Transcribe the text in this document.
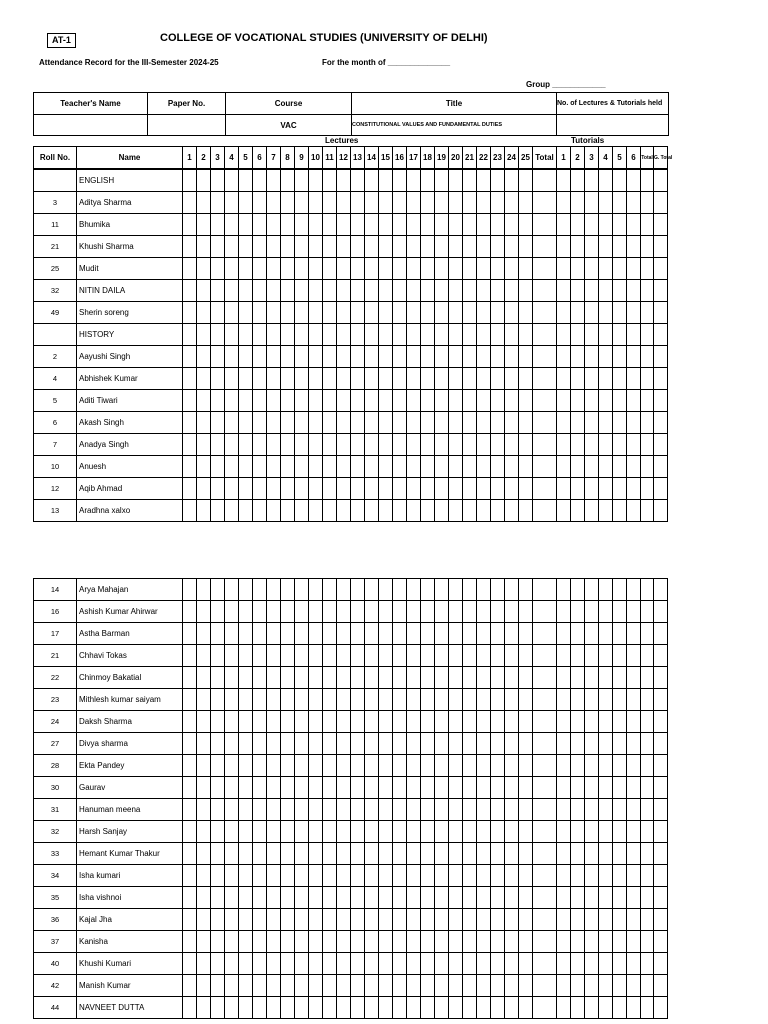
AT-1	COLLEGE OF VOCATIONAL STUDIES (UNIVERSITY OF DELHI)
Attendance Record for the III-Semester 2024-25	For the month of ______________
Group ____________
Teacher's Name	Paper No.	Course	Title	No. of Lectures & Tutorials held
		VAC	CONSTITUTIONAL VALUES AND FUNDAMENTAL DUTIES	
Lectures	Tutorials
Roll No.	Name	1	2	3	4	5	6	7	8	9	10	11	12	13	14	15	16	17	18	19	20	21	22	23	24	25	Total	1	2	3	4	5	6	Total	G. Total
	ENGLISH																																		
3	Aditya Sharma																																		
11	Bhumika																																		
21	Khushi Sharma																																		
25	Mudit																																		
32	NITIN DAILA																																		
49	Sherin soreng																																		
	HISTORY																																		
2	Aayushi Singh																																		
4	Abhishek Kumar																																		
5	Aditi Tiwari																																		
6	Akash Singh																																		
7	Anadya Singh																																		
10	Anuesh																																		
12	Aqib Ahmad																																		
13	Aradhna xalxo																																		
14	Arya Mahajan																																		
16	Ashish Kumar Ahirwar																																		
17	Astha Barman																																		
21	Chhavi Tokas																																		
22	Chinmoy Bakatial																																		
23	Mithlesh kumar saiyam																																		
24	Daksh Sharma																																		
27	Divya sharma																																		
28	Ekta Pandey																																		
30	Gaurav																																		
31	Hanuman meena																																		
32	Harsh Sanjay																																		
33	Hemant Kumar Thakur																																		
34	Isha kumari																																		
35	Isha vishnoi																																		
36	Kajal Jha																																		
37	Kanisha																																		
40	Khushi Kumari																																		
42	Manish Kumar																																		
44	NAVNEET DUTTA																																		
